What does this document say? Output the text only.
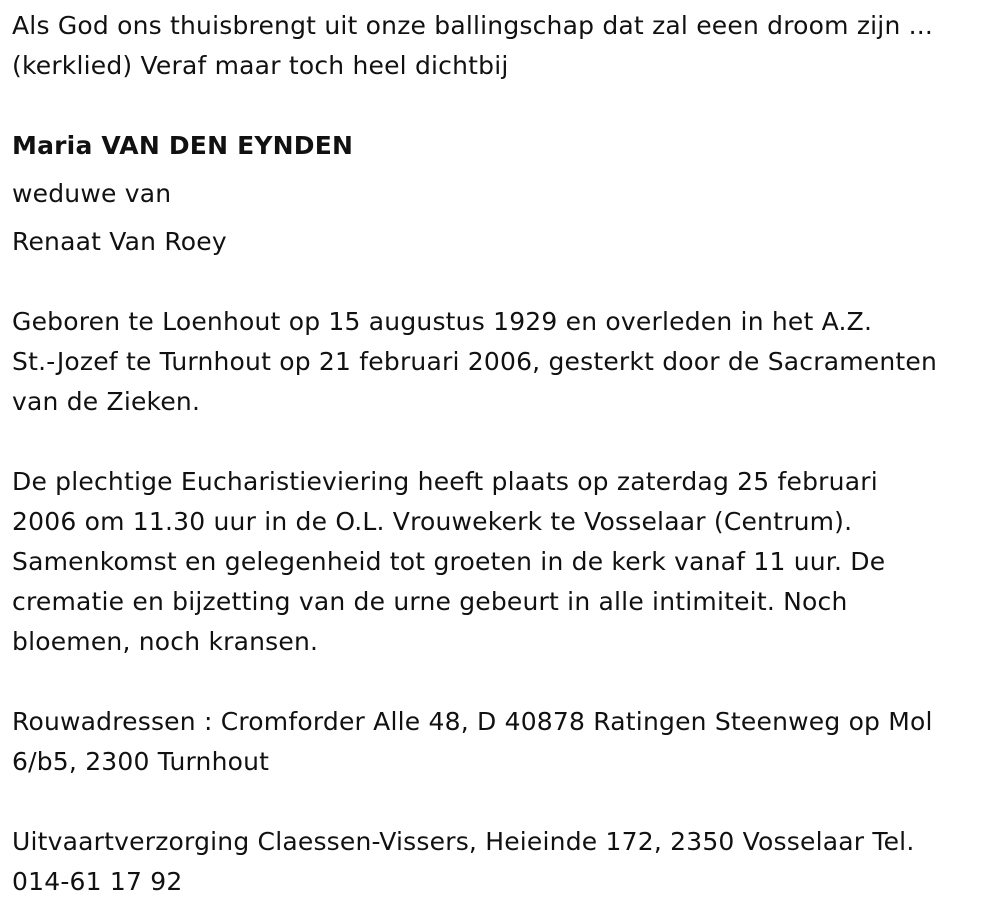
Als God ons thuisbrengt uit onze ballingschap dat zal eeen droom zijn ...
(kerklied) Veraf maar toch heel dichtbij
Maria VAN DEN EYNDEN
weduwe van
Renaat Van Roey
Geboren te Loenhout op 15 augustus 1929 en overleden in het A.Z.
St.-Jozef te Turnhout op 21 februari 2006, gesterkt door de Sacramenten
van de Zieken.
De plechtige Eucharistieviering heeft plaats op zaterdag 25 februari
2006 om 11.30 uur in de O.L. Vrouwekerk te Vosselaar (Centrum).
Samenkomst en gelegenheid tot groeten in de kerk vanaf 11 uur. De
crematie en bijzetting van de urne gebeurt in alle intimiteit. Noch
bloemen, noch kransen.
Rouwadressen : Cromforder Alle 48, D 40878 Ratingen Steenweg op Mol
6/b5, 2300 Turnhout
Uitvaartverzorging Claessen-Vissers, Heieinde 172, 2350 Vosselaar Tel.
014-61 17 92
